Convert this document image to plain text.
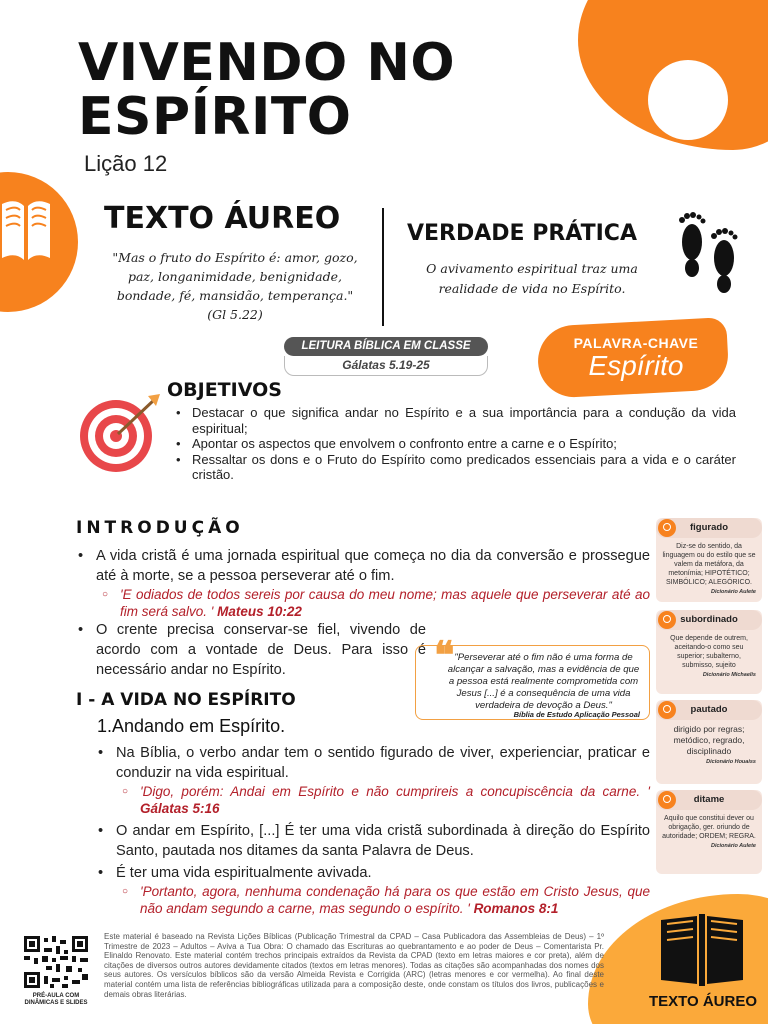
VIVENDO NO
ESPÍRITO
Lição 12
TEXTO ÁUREO
"Mas o fruto do Espírito é: amor, gozo, paz, longanimidade, benignidade, bondade, fé, mansidão, temperança."
(Gl 5.22)
VERDADE PRÁTICA
O avivamento espiritual traz uma realidade de vida no Espírito.
LEITURA BÍBLICA EM CLASSE
Gálatas 5.19-25
PALAVRA-CHAVE
Espírito
OBJETIVOS
• Destacar o que significa andar no Espírito e a sua importância para a condução da vida espiritual;
• Apontar os aspectos que envolvem o confronto entre a carne e o Espírito;
• Ressaltar os dons e o Fruto do Espírito como predicados essenciais para a vida e o caráter cristão.
INTRODUÇÃO
• A vida cristã é uma jornada espiritual que começa no dia da conversão e prossegue até à morte, se a pessoa perseverar até o fim.
○ 'E odiados de todos sereis por causa do meu nome; mas aquele que perseverar até ao fim será salvo. ' Mateus 10:22
• O crente precisa conservar-se fiel, vivendo de acordo com a vontade de Deus. Para isso é necessário andar no Espírito.
"Perseverar até o fim não é uma forma de alcançar a salvação, mas a evidência de que a pessoa está realmente comprometida com Jesus [...] é a consequência de uma vida verdadeira de devoção a Deus."
❝
Bíblia de Estudo Aplicação Pessoal
I - A VIDA NO ESPÍRITO
1.Andando em Espírito.
• Na Bíblia, o verbo andar tem o sentido figurado de viver, experienciar, praticar e conduzir na vida espiritual.
○ 'Digo, porém: Andai em Espírito e não cumprireis a concupiscência da carne. ' Gálatas 5:16
• O andar em Espírito, [...] É ter uma vida cristã subordinada à direção do Espírito Santo, pautada nos ditames da santa Palavra de Deus.
• É ter uma vida espiritualmente avivada.
○ 'Portanto, agora, nenhuma condenação há para os que estão em Cristo Jesus, que não andam segundo a carne, mas segundo o espírito. ' Romanos 8:1
figurado
Diz-se do sentido, da linguagem ou do estilo que se valem da metáfora, da metonímia; HIPOTÉTICO; SIMBÓLICO; ALEGÓRICO.
Dicionário Aulete
subordinado
Que depende de outrem, aceitando-o como seu superior; subalterno, submisso, sujeito
Dicionário Michaelis
pautado
dirigido por regras; metódico, regrado, disciplinado
Dicionário Houaiss
ditame
Aquilo que constitui dever ou obrigação, ger. oriundo de autoridade; ORDEM; REGRA.
Dicionário Aulete
PRÉ-AULA COM DINÂMICAS E SLIDES
Este material é baseado na Revista Lições Bíblicas (Publicação Trimestral da CPAD – Casa Publicadora das Assembleias de Deus) – 1º Trimestre de 2023 – Adultos – Aviva a Tua Obra: O chamado das Escrituras ao quebrantamento e ao poder de Deus – Comentarista Pr. Elinaldo Renovato. Este material contém trechos principais extraídos da Revista da CPAD (texto em letras maiores e cor preta), além de citações de diversos outros autores devidamente citados (textos em letras menores). Todas as citações são acompanhadas dos nomes dos seus autores. Os versículos bíblicos são da versão Almeida Revista e Corrigida (ARC) (letras menores e cor vermelha). Ao final deste material contém uma lista de referências bibliográficas utilizada para a composição deste, onde constam os títulos dos livros, publicações e demais obras literárias.	TEXTO ÁUREO
